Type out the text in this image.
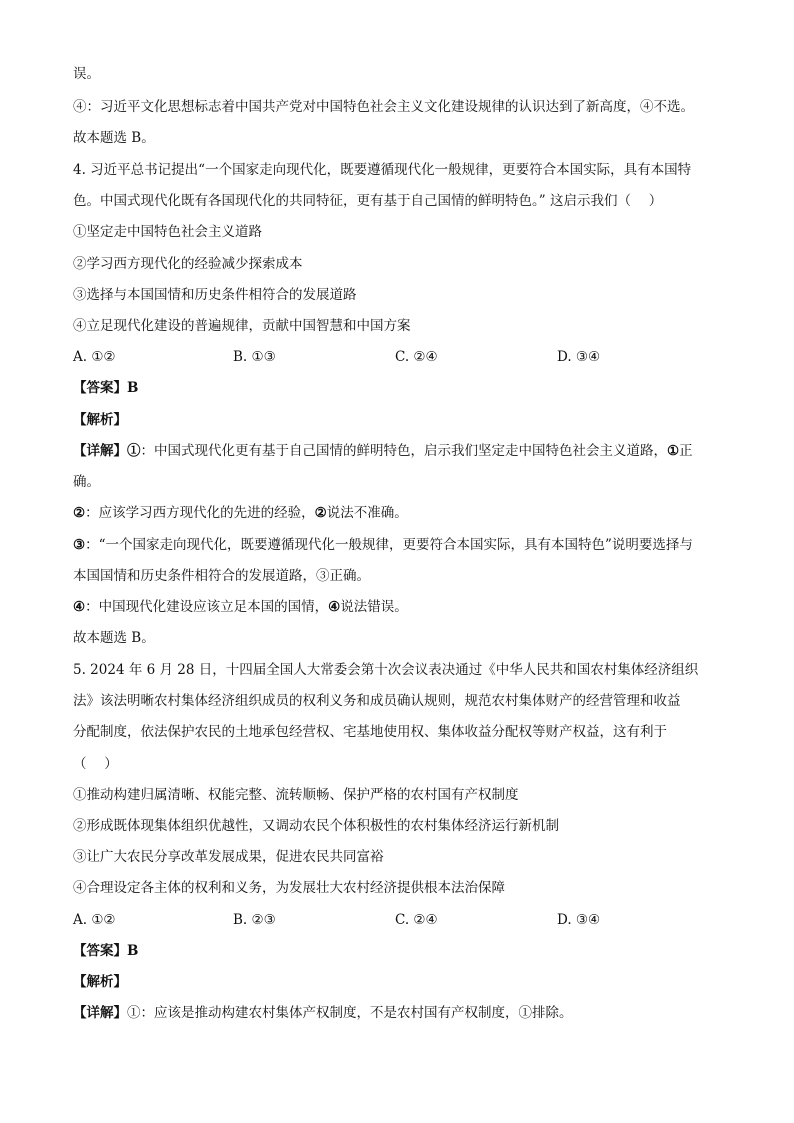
误。
④：习近平文化思想标志着中国共产党对中国特色社会主义文化建设规律的认识达到了新高度，④不选。
故本题选 B。
4. 习近平总书记提出“一个国家走向现代化，既要遵循现代化一般规律，更要符合本国实际，具有本国特
色。中国式现代化既有各国现代化的共同特征，更有基于自己国情的鲜明特色。” 这启示我们（　 ）
①坚定走中国特色社会主义道路
②学习西方现代化的经验减少探索成本
③选择与本国国情和历史条件相符合的发展道路
④立足现代化建设的普遍规律，贡献中国智慧和中国方案
A. ①②	B. ①③	C. ②④	D. ③④
【答案】B
【解析】
【详解】①：中国式现代化更有基于自己国情的鲜明特色，启示我们坚定走中国特色社会主义道路，①正
确。
②：应该学习西方现代化的先进的经验，②说法不准确。
③：“一个国家走向现代化，既要遵循现代化一般规律，更要符合本国实际，具有本国特色”说明要选择与
本国国情和历史条件相符合的发展道路，③正确。
④：中国现代化建设应该立足本国的国情，④说法错误。
故本题选 B。
5. 2024 年 6 月 28 日，十四届全国人大常委会第十次会议表决通过《中华人民共和国农村集体经济组织
法》该法明晰农村集体经济组织成员的权利义务和成员确认规则，规范农村集体财产的经营管理和收益
分配制度，依法保护农民的土地承包经营权、宅基地使用权、集体收益分配权等财产权益，这有利于
（　 ）
①推动构建归属清晰、权能完整、流转顺畅、保护严格的农村国有产权制度
②形成既体现集体组织优越性，又调动农民个体积极性的农村集体经济运行新机制
③让广大农民分享改革发展成果，促进农民共同富裕
④合理设定各主体的权利和义务，为发展壮大农村经济提供根本法治保障
A. ①②	B. ②③	C. ②④	D. ③④
【答案】B
【解析】
【详解】①：应该是推动构建农村集体产权制度，不是农村国有产权制度，①排除。
